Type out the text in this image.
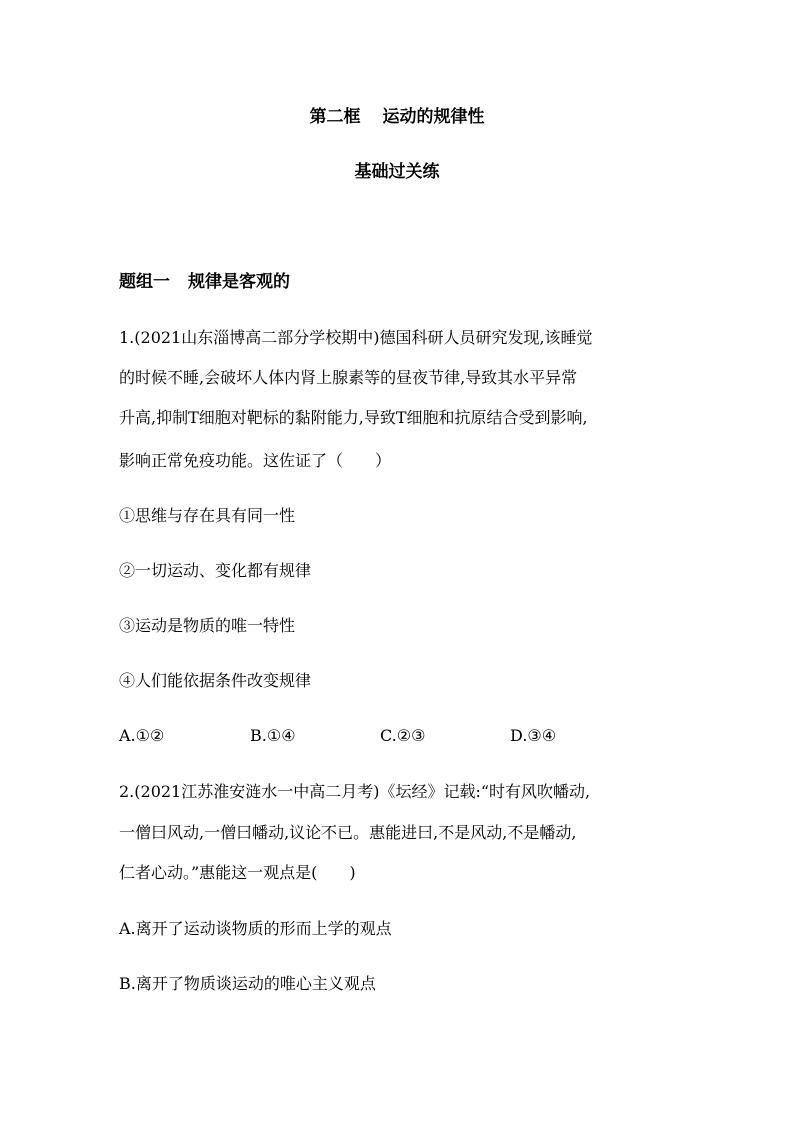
第二框 运动的规律性
基础过关练
题组一 规律是客观的
1.(2021山东淄博高二部分学校期中)德国科研人员研究发现,该睡觉
的时候不睡,会破坏人体内肾上腺素等的昼夜节律,导致其水平异常
升高,抑制T细胞对靶标的黏附能力,导致T细胞和抗原结合受到影响,
影响正常免疫功能。这佐证了（　　）
①思维与存在具有同一性
②一切运动、变化都有规律
③运动是物质的唯一特性
④人们能依据条件改变规律
A.①②	B.①④	C.②③	D.③④
2.(2021江苏淮安涟水一中高二月考)《坛经》记载:“时有风吹幡动,
一僧曰风动,一僧曰幡动,议论不已。惠能进曰,不是风动,不是幡动,
仁者心动。”惠能这一观点是(　　)
A.离开了运动谈物质的形而上学的观点
B.离开了物质谈运动的唯心主义观点
